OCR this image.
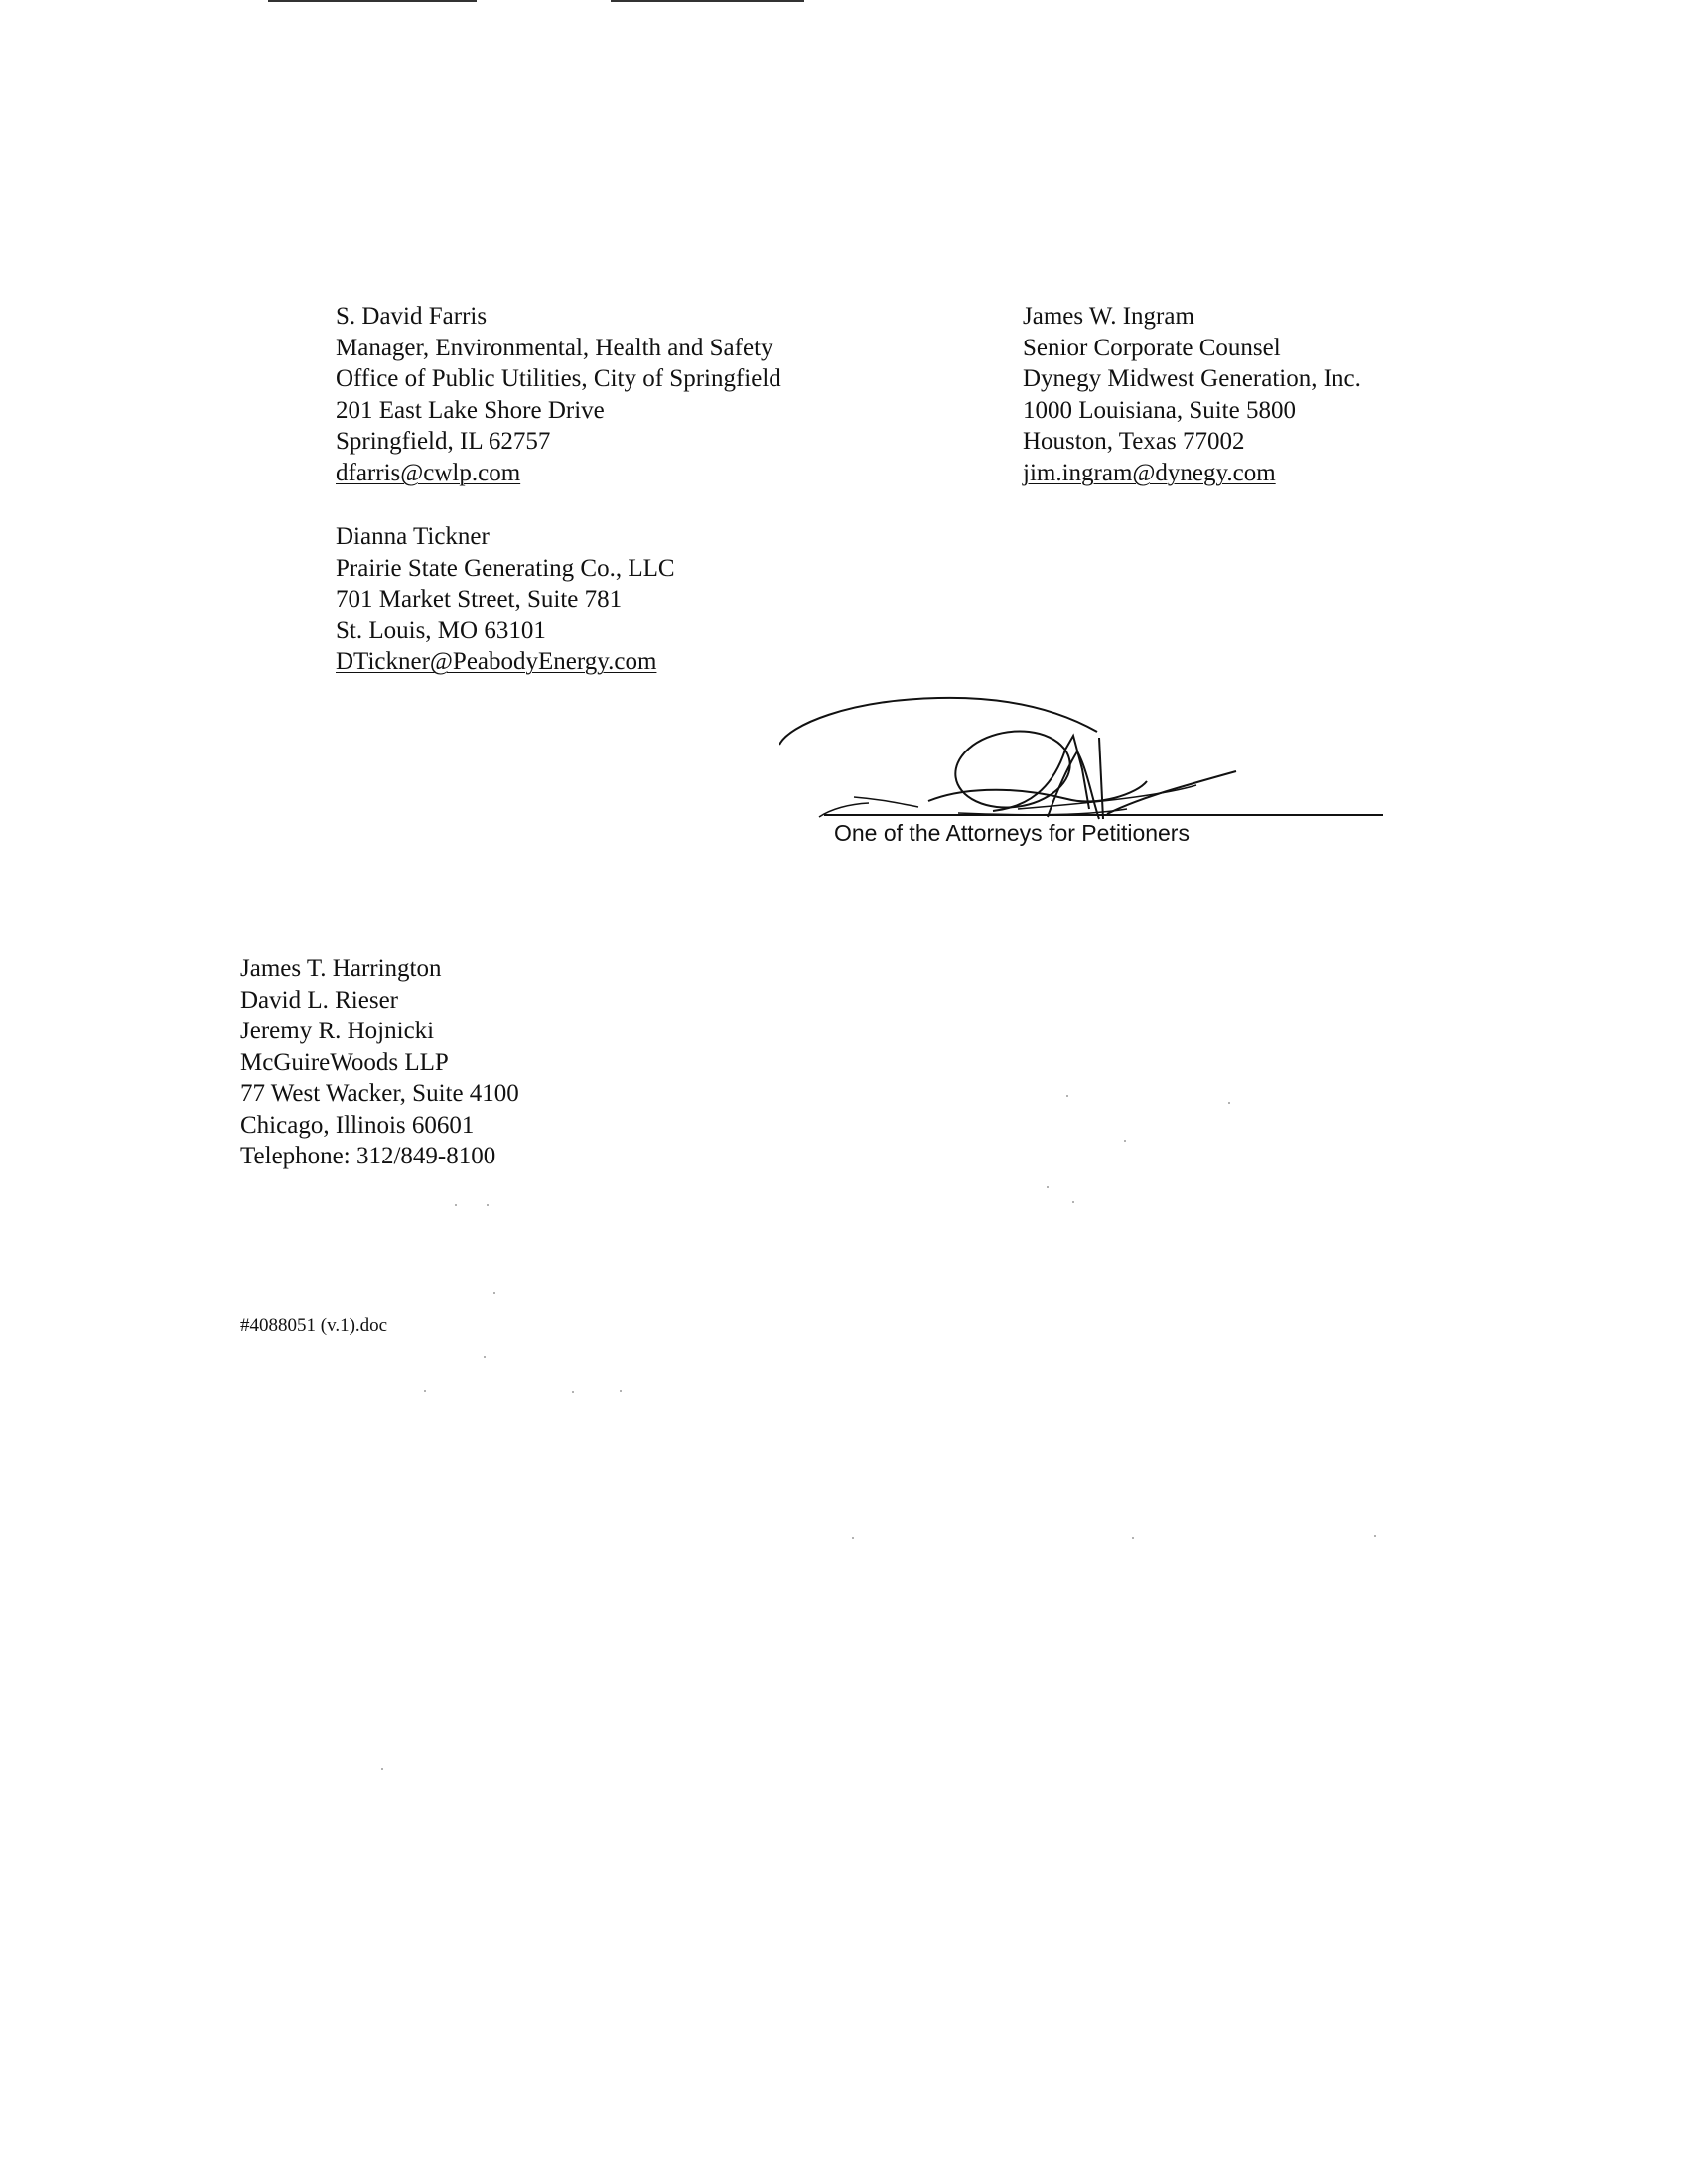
S. David Farris
Manager, Environmental, Health and Safety
Office of Public Utilities, City of Springfield
201 East Lake Shore Drive
Springfield, IL 62757
dfarris@cwlp.com
James W. Ingram
Senior Corporate Counsel
Dynegy Midwest Generation, Inc.
1000 Louisiana, Suite 5800
Houston, Texas 77002
jim.ingram@dynegy.com
Dianna Tickner
Prairie State Generating Co., LLC
701 Market Street, Suite 781
St. Louis, MO 63101
DTickner@PeabodyEnergy.com
One of the Attorneys for Petitioners
James T. Harrington
David L. Rieser
Jeremy R. Hojnicki
McGuireWoods LLP
77 West Wacker, Suite 4100
Chicago, Illinois 60601
Telephone: 312/849-8100
#4088051 (v.1).doc
